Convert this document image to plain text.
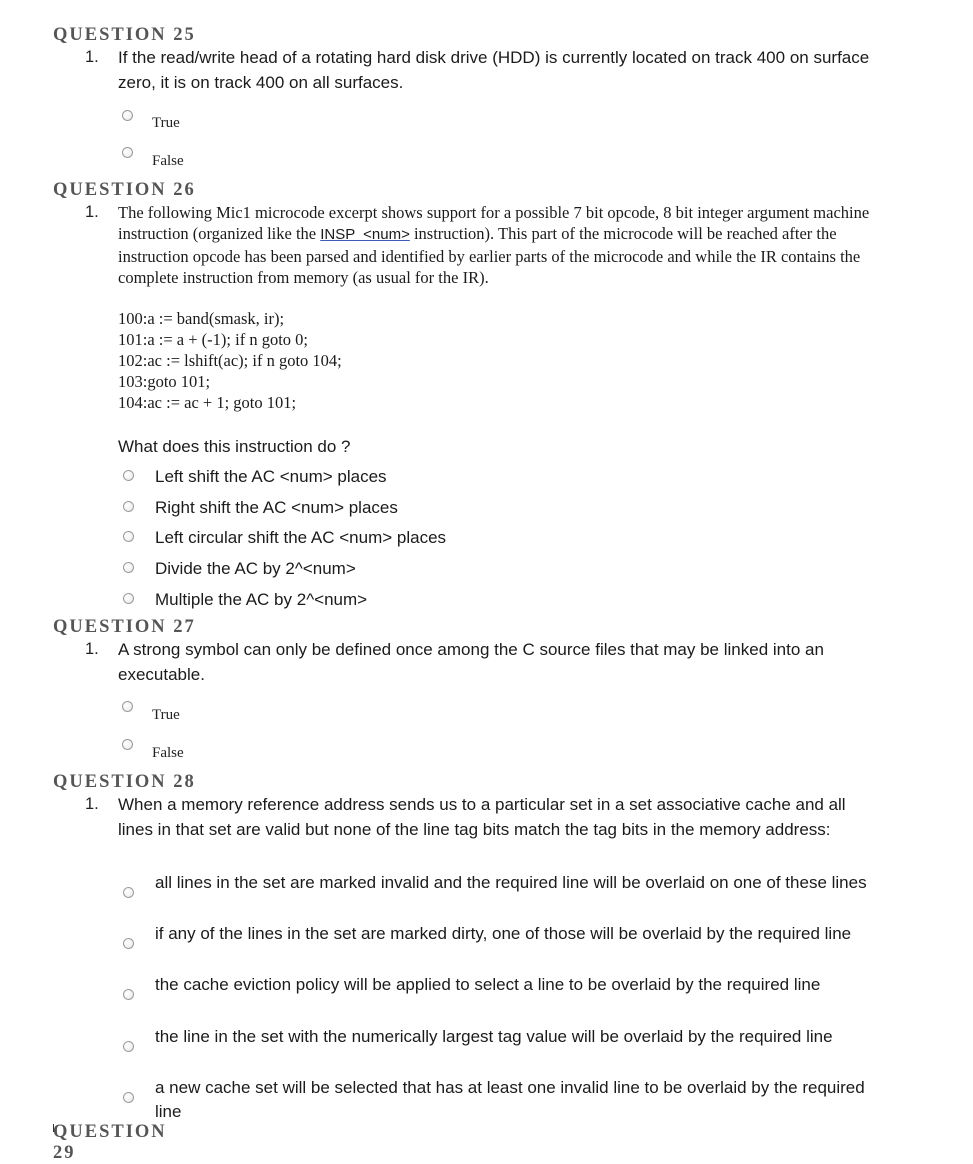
QUESTION 25
1. If the read/write head of a rotating hard disk drive (HDD) is currently located on track 400 on surface zero, it is on track 400 on all surfaces.
True
False
QUESTION 26
1. The following Mic1 microcode excerpt shows support for a possible 7 bit opcode, 8 bit integer argument machine instruction (organized like the INSP <num> instruction). This part of the microcode will be reached after the instruction opcode has been parsed and identified by earlier parts of the microcode and while the IR contains the complete instruction from memory (as usual for the IR).
100:a := band(smask, ir);
101:a := a + (-1); if n goto 0;
102:ac := lshift(ac); if n goto 104;
103:goto 101;
104:ac := ac + 1; goto 101;
What does this instruction do ?
Left shift the AC <num> places
Right shift the AC <num> places
Left circular shift the AC <num> places
Divide the AC by 2^<num>
Multiple the AC by 2^<num>
QUESTION 27
1. A strong symbol can only be defined once among the C source files that may be linked into an executable.
True
False
QUESTION 28
1. When a memory reference address sends us to a particular set in a set associative cache and all lines in that set are valid but none of the line tag bits match the tag bits in the memory address:
all lines in the set are marked invalid and the required line will be overlaid on one of these lines
if any of the lines in the set are marked dirty, one of those will be overlaid by the required line
the cache eviction policy will be applied to select a line to be overlaid by the required line
the line in the set with the numerically largest tag value will be overlaid by the required line
a new cache set will be selected that has at least one invalid line to be overlaid by the required line
QUESTION 29
